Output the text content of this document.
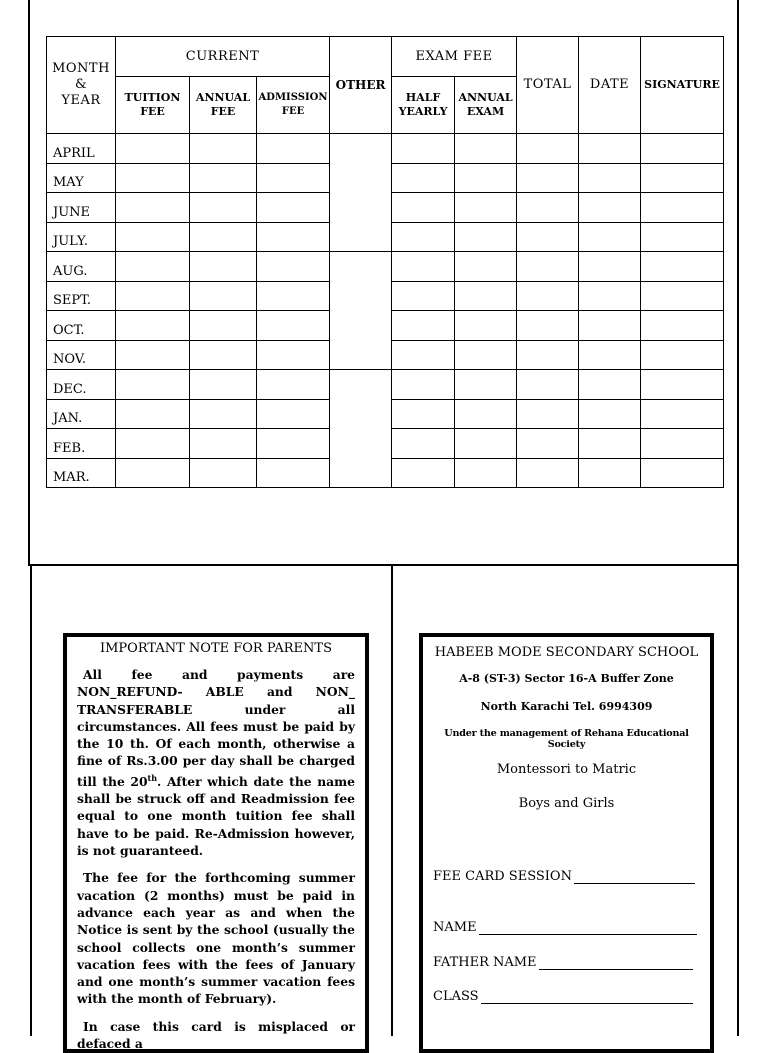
MONTH
&
YEAR	CURRENT			OTHER	EXAM FEE		TOTAL	DATE	SIGNATURE
	TUITION FEE	ANNUAL FEE	ADMISSION FEE		HALF YEARLY	ANNUAL EXAM			
APRIL									
MAY									
JUNE									
JULY.									
AUG.									
SEPT.									
OCT.									
NOV.									
DEC.									
JAN.									
FEB.									
MAR.									
IMPORTANT NOTE FOR PARENTS

All fee and payments are NON_REFUND- ABLE and NON_ TRANSFERABLE under all circumstances. All fees must be paid by the 10 th. Of each month, otherwise a fine of Rs.3.00 per day shall be charged till the 20th. After which date the name shall be struck off and Readmission fee equal to one month tuition fee shall have to be paid. Re-Admission however, is not guaranteed.

The fee for the forthcoming summer vacation (2 months) must be paid in advance each year as and when the Notice is sent by the school (usually the school collects one month’s summer vacation fees with the fees of January and one month’s summer vacation fees with the month of February).

In case this card is misplaced or defaced a

HABEEB MODE SECONDARY SCHOOL
A-8 (ST-3) Sector 16-A Buffer Zone
North Karachi Tel. 6994309
Under the management of Rehana Educational Society
Montessori to Matric
Boys and Girls
FEE CARD SESSION
NAME
FATHER NAME
CLASS
